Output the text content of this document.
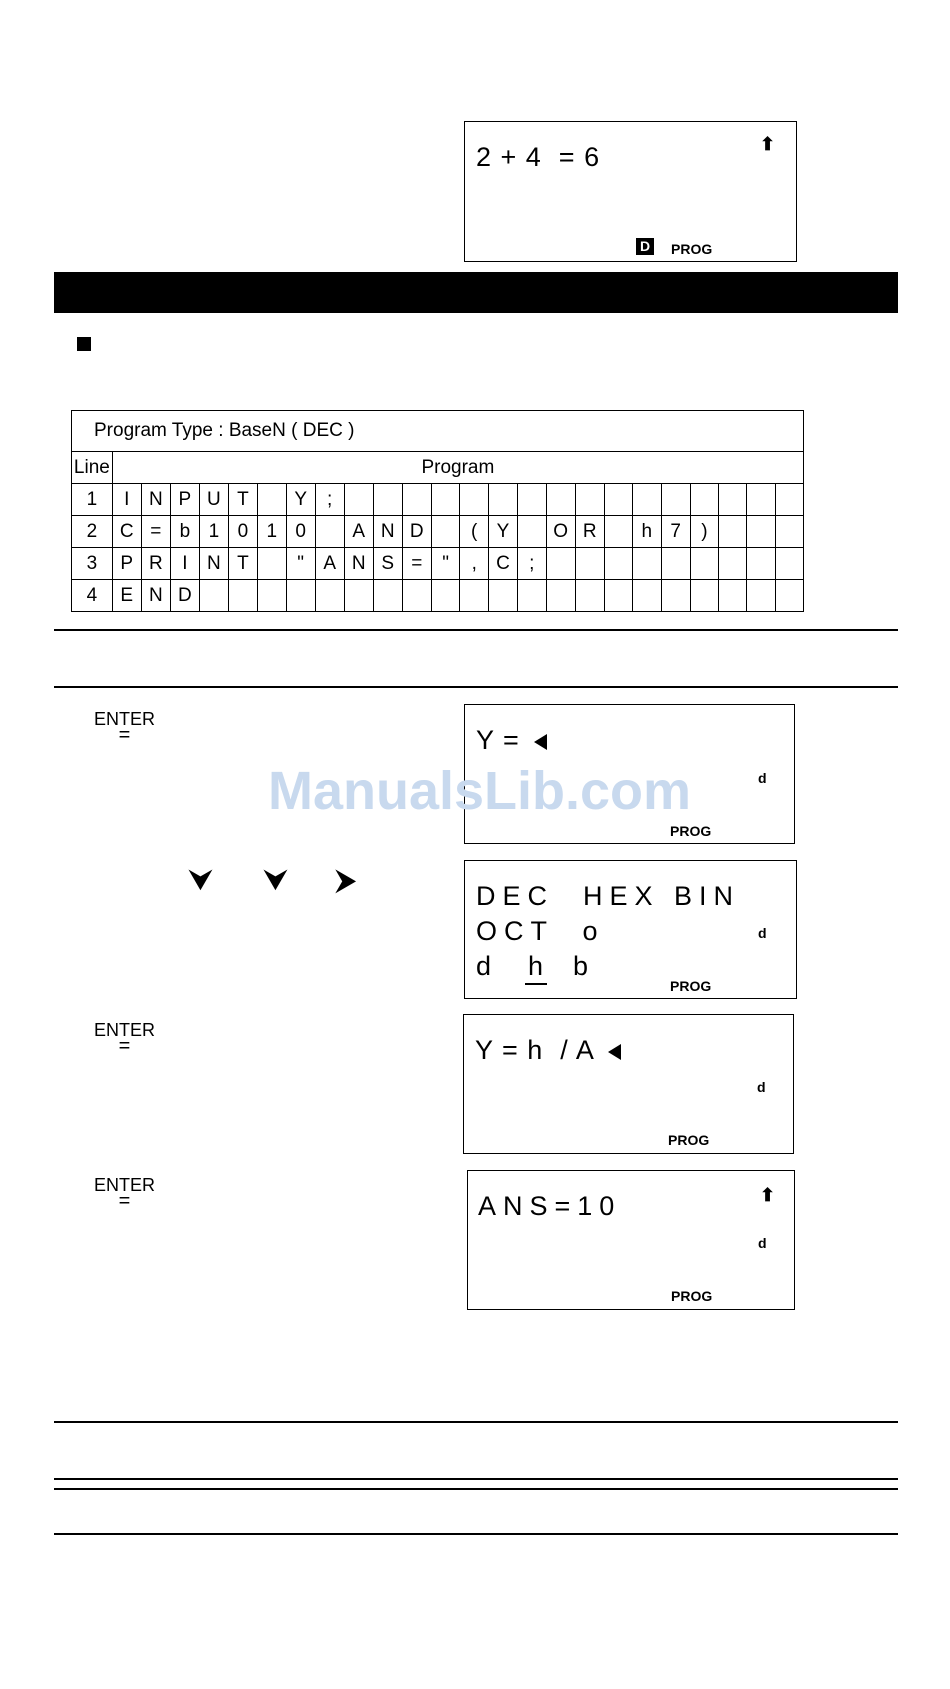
2 + 4  = 6	⬆
D PROG
Program Type : BaseN ( DEC )																								
Line	Program																							
1	I	N	P	U	T		Y	;																
2	C	=	b	1	0	1	0		A	N	D		(	Y		O	R		h	7	)			
3	P	R	I	N	T		"	A	N	S	=	"	,	C	;									
4	E	N	D																					
ENTER
=	Y =
d
PROG
ManualsLib.com
⮟ ⮟ ⮞	DEC  HEX BIN
OCT  o
d h b
d
PROG
ENTER
=	Y = h  / A
d
PROG
ENTER
=	ANS=10	⬆
d
PROG
